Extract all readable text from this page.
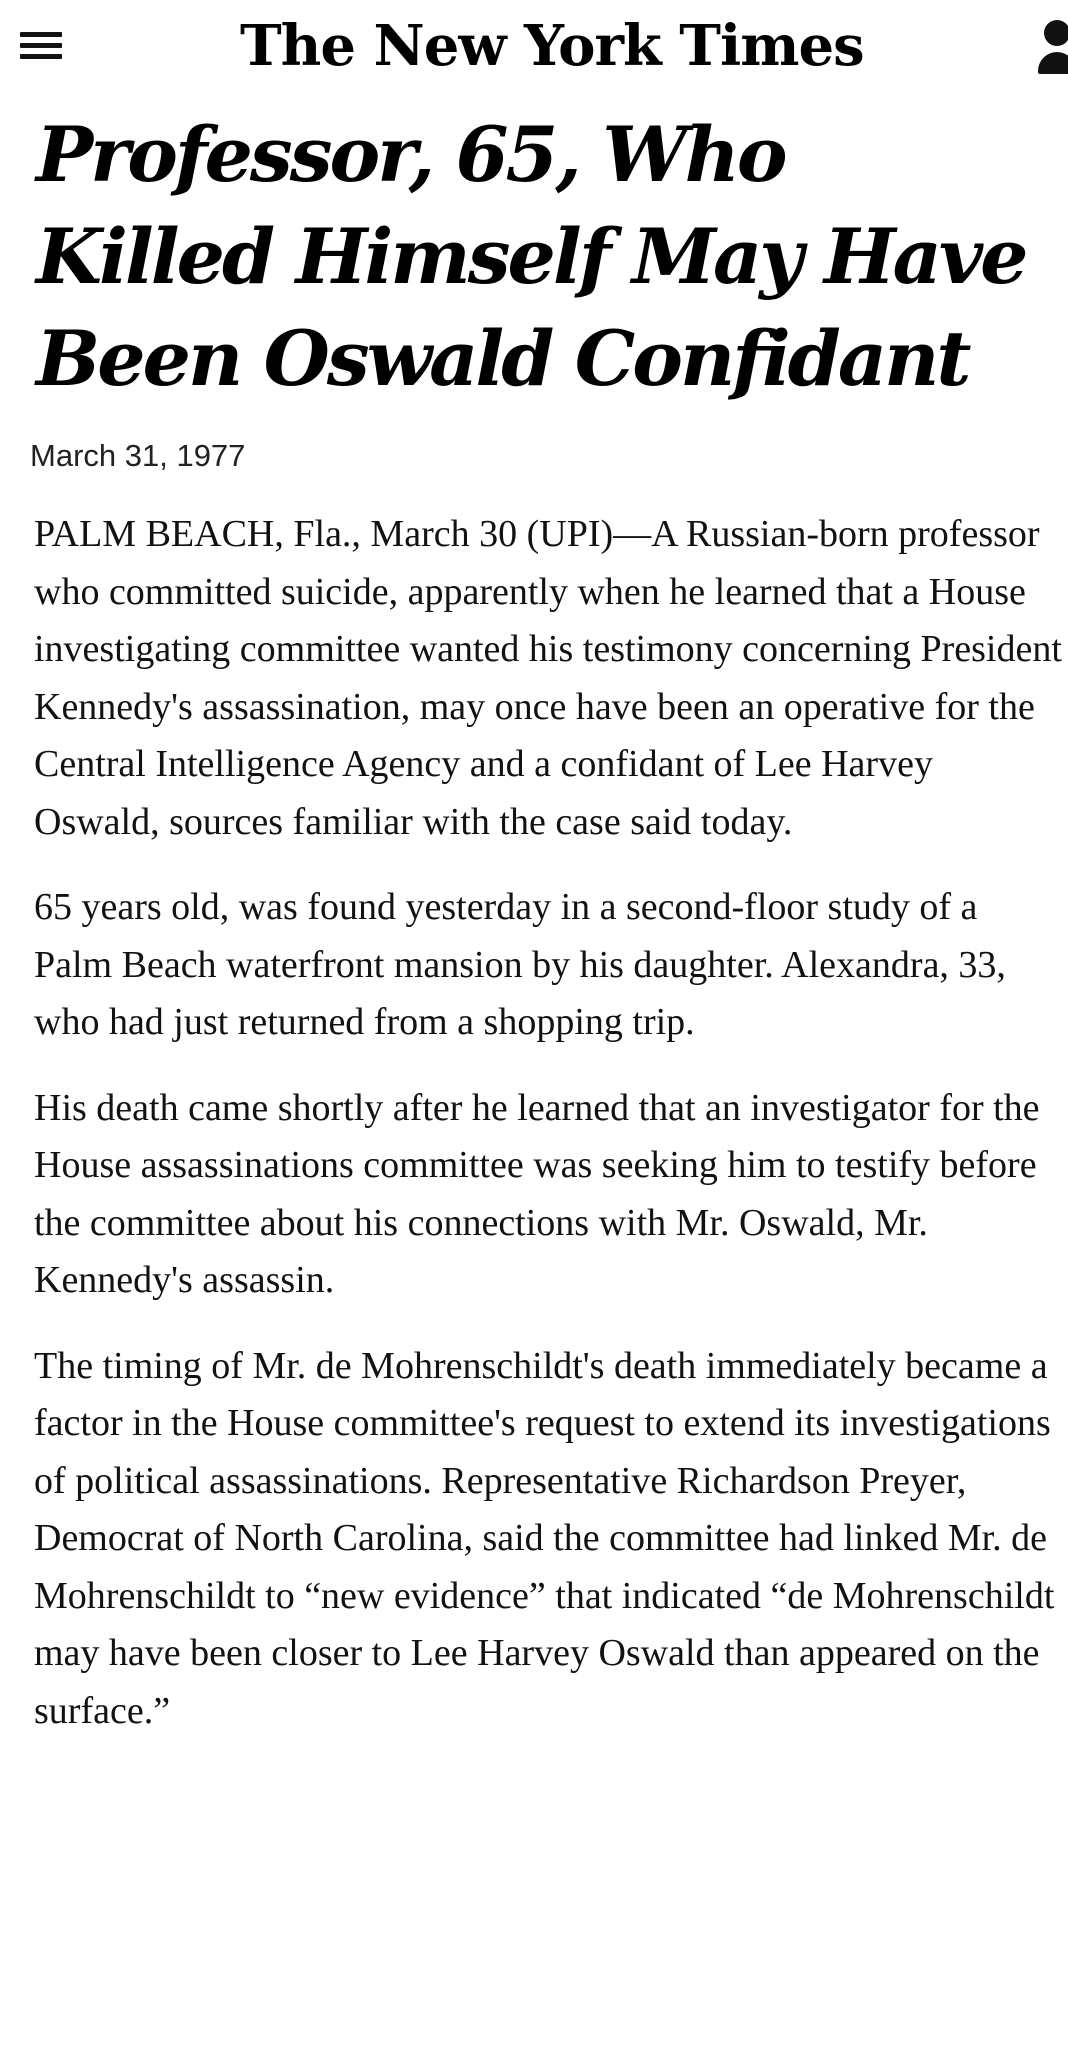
The New York Times
Professor, 65, Who Killed Himself May Have Been Oswald Confidant
March 31, 1977

PALM BEACH, Fla., March 30 (UPI)—A Russian-born professor who committed suicide, apparently when he learned that a House investigating committee wanted his testimony concerning President Kennedy's assassination, may once have been an operative for the Central Intelligence Agency and a confidant of Lee Harvey Oswald, sources familiar with the case said today.

65 years old, was found yesterday in a second-floor study of a Palm Beach waterfront mansion by his daughter. Alexandra, 33, who had just returned from a shopping trip.

His death came shortly after he learned that an investigator for the House assassinations committee was seeking him to testify before the committee about his connections with Mr. Oswald, Mr. Kennedy's assassin.

The timing of Mr. de Mohrenschildt's death immediately became a factor in the House committee's request to extend its investigations of political assassinations. Representative Richardson Preyer, Democrat of North Carolina, said the committee had linked Mr. de Mohrenschildt to “new evidence” that indicated “de Mohrenschildt may have been closer to Lee Harvey Oswald than appeared on the surface.”
